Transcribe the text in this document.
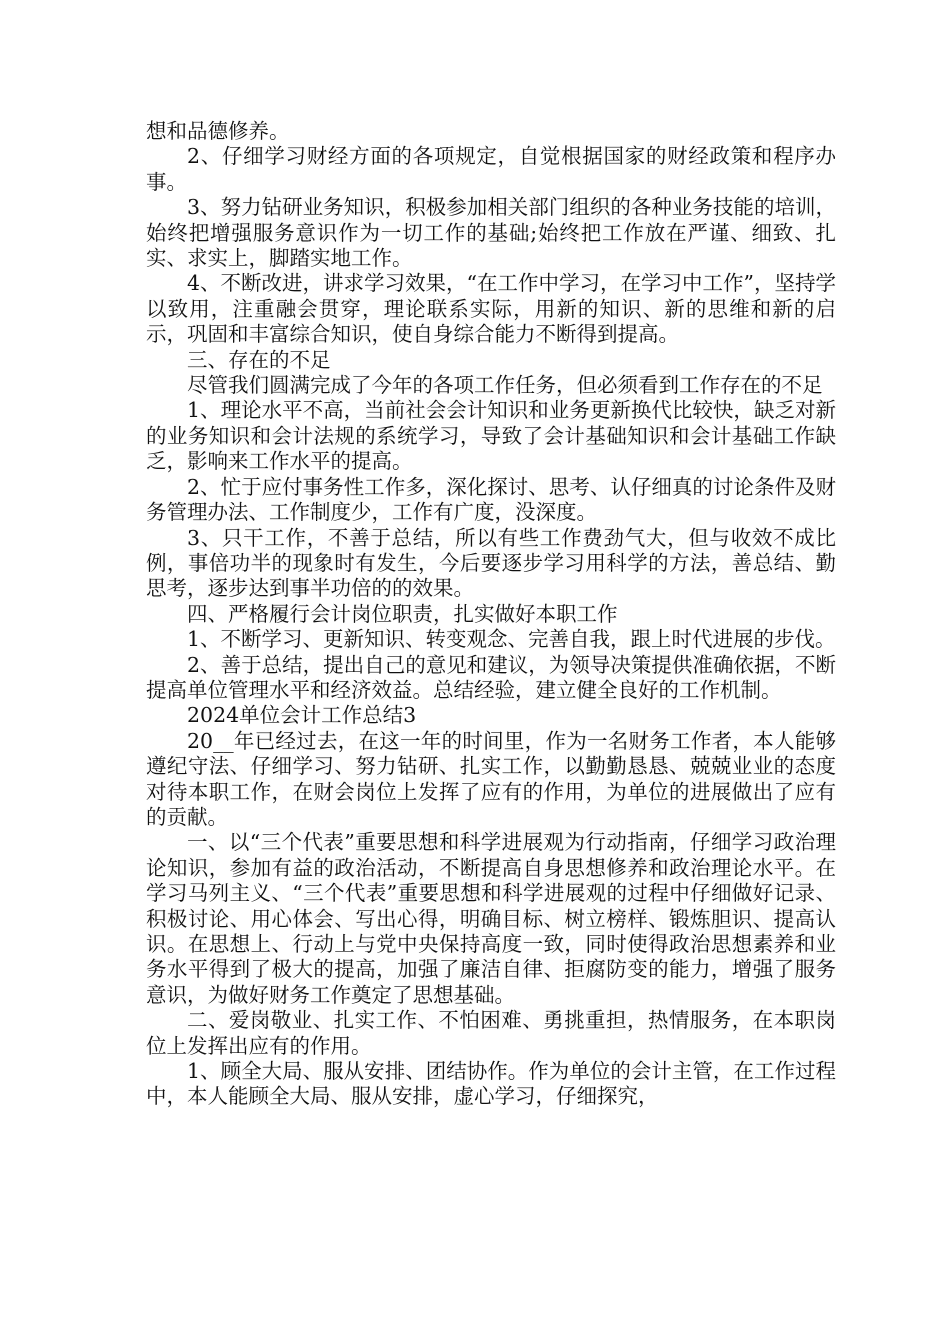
想和品德修养。

2、仔细学习财经方面的各项规定，自觉根据国家的财经政策和程序办事。

3、努力钻研业务知识，积极参加相关部门组织的各种业务技能的培训，始终把增强服务意识作为一切工作的基础;始终把工作放在严谨、细致、扎实、求实上，脚踏实地工作。

4、不断改进，讲求学习效果，“在工作中学习，在学习中工作”，坚持学以致用，注重融会贯穿，理论联系实际，用新的知识、新的思维和新的启示，巩固和丰富综合知识，使自身综合能力不断得到提高。

三、存在的不足

尽管我们圆满完成了今年的各项工作任务，但必须看到工作存在的不足

1、理论水平不高，当前社会会计知识和业务更新换代比较快，缺乏对新的业务知识和会计法规的系统学习，导致了会计基础知识和会计基础工作缺乏，影响来工作水平的提高。

2、忙于应付事务性工作多，深化探讨、思考、认仔细真的讨论条件及财务管理办法、工作制度少，工作有广度，没深度。

3、只干工作，不善于总结，所以有些工作费劲气大，但与收效不成比例，事倍功半的现象时有发生，今后要逐步学习用科学的方法，善总结、勤思考，逐步达到事半功倍的的效果。

四、严格履行会计岗位职责，扎实做好本职工作

1、不断学习、更新知识、转变观念、完善自我，跟上时代进展的步伐。

2、善于总结，提出自己的意见和建议，为领导决策提供准确依据，不断提高单位管理水平和经济效益。总结经验，建立健全良好的工作机制。

2024单位会计工作总结3

20__年已经过去，在这一年的时间里，作为一名财务工作者，本人能够遵纪守法、仔细学习、努力钻研、扎实工作，以勤勤恳恳、兢兢业业的态度对待本职工作，在财会岗位上发挥了应有的作用，为单位的进展做出了应有的贡献。

一、以“三个代表”重要思想和科学进展观为行动指南，仔细学习政治理论知识，参加有益的政治活动，不断提高自身思想修养和政治理论水平。在学习马列主义、“三个代表”重要思想和科学进展观的过程中仔细做好记录、积极讨论、用心体会、写出心得，明确目标、树立榜样、锻炼胆识、提高认识。在思想上、行动上与党中央保持高度一致，同时使得政治思想素养和业务水平得到了极大的提高，加强了廉洁自律、拒腐防变的能力，增强了服务意识，为做好财务工作奠定了思想基础。

二、爱岗敬业、扎实工作、不怕困难、勇挑重担，热情服务，在本职岗位上发挥出应有的作用。

1、顾全大局、服从安排、团结协作。作为单位的会计主管，在工作过程中，本人能顾全大局、服从安排，虚心学习，仔细探究，
